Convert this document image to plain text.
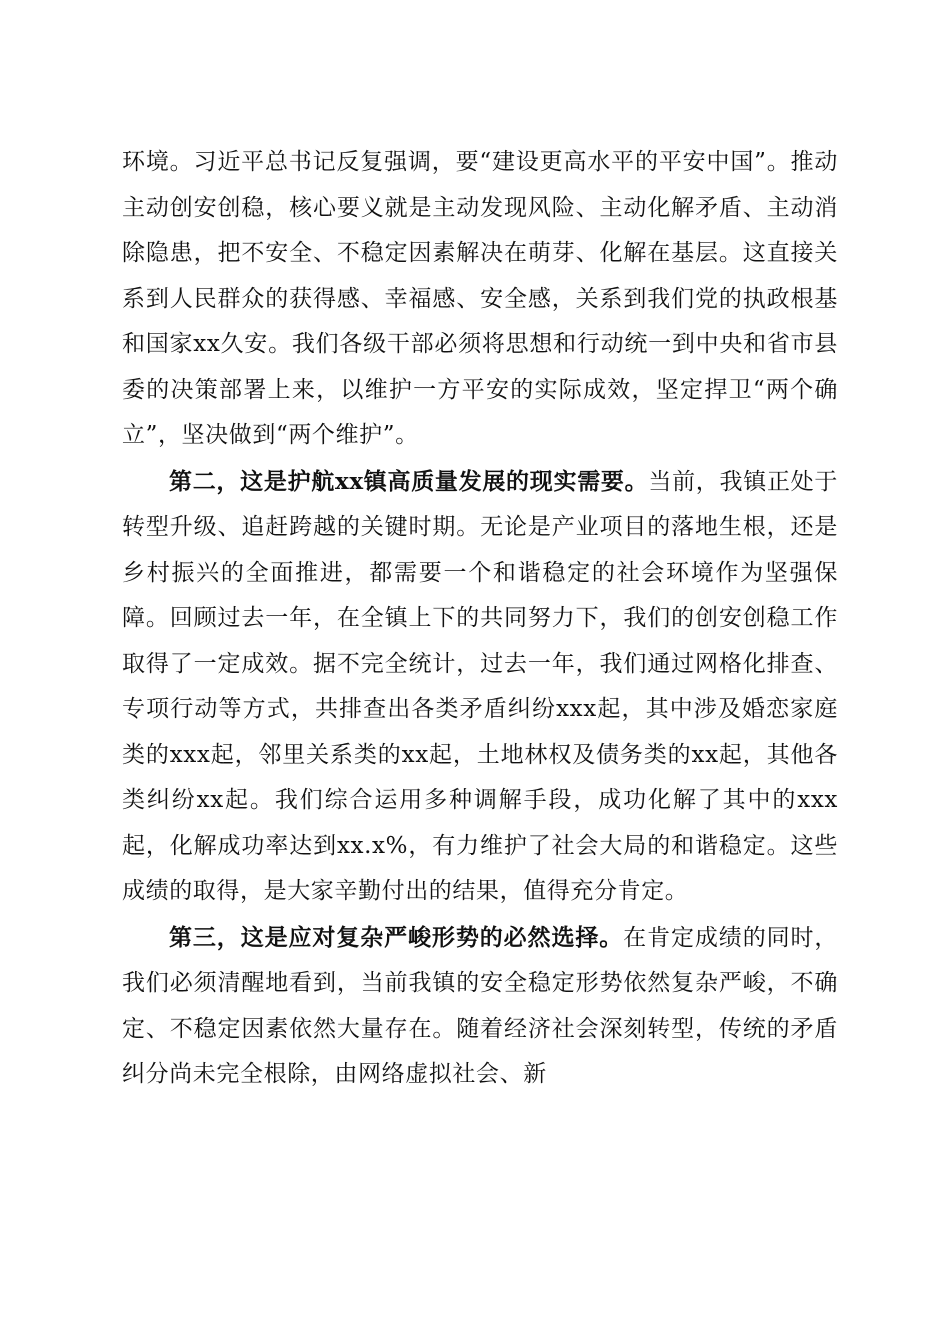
环境。习近平总书记反复强调，要“建设更高水平的平安中国”。推动主动创安创稳，核心要义就是主动发现风险、主动化解矛盾、主动消除隐患，把不安全、不稳定因素解决在萌芽、化解在基层。这直接关系到人民群众的获得感、幸福感、安全感，关系到我们党的执政根基和国家xx久安。我们各级干部必须将思想和行动统一到中央和省市县委的决策部署上来，以维护一方平安的实际成效，坚定捍卫“两个确立”，坚决做到“两个维护”。

第二，这是护航xx镇高质量发展的现实需要。当前，我镇正处于转型升级、追赶跨越的关键时期。无论是产业项目的落地生根，还是乡村振兴的全面推进，都需要一个和谐稳定的社会环境作为坚强保障。回顾过去一年，在全镇上下的共同努力下，我们的创安创稳工作取得了一定成效。据不完全统计，过去一年，我们通过网格化排查、专项行动等方式，共排查出各类矛盾纠纷xxx起，其中涉及婚恋家庭类的xxx起，邻里关系类的xx起，土地林权及债务类的xx起，其他各类纠纷xx起。我们综合运用多种调解手段，成功化解了其中的xxx起，化解成功率达到xx.x%，有力维护了社会大局的和谐稳定。这些成绩的取得，是大家辛勤付出的结果，值得充分肯定。

第三，这是应对复杂严峻形势的必然选择。在肯定成绩的同时，我们必须清醒地看到，当前我镇的安全稳定形势依然复杂严峻，不确定、不稳定因素依然大量存在。随着经济社会深刻转型，传统的矛盾纠分尚未完全根除，由网络虚拟社会、新
